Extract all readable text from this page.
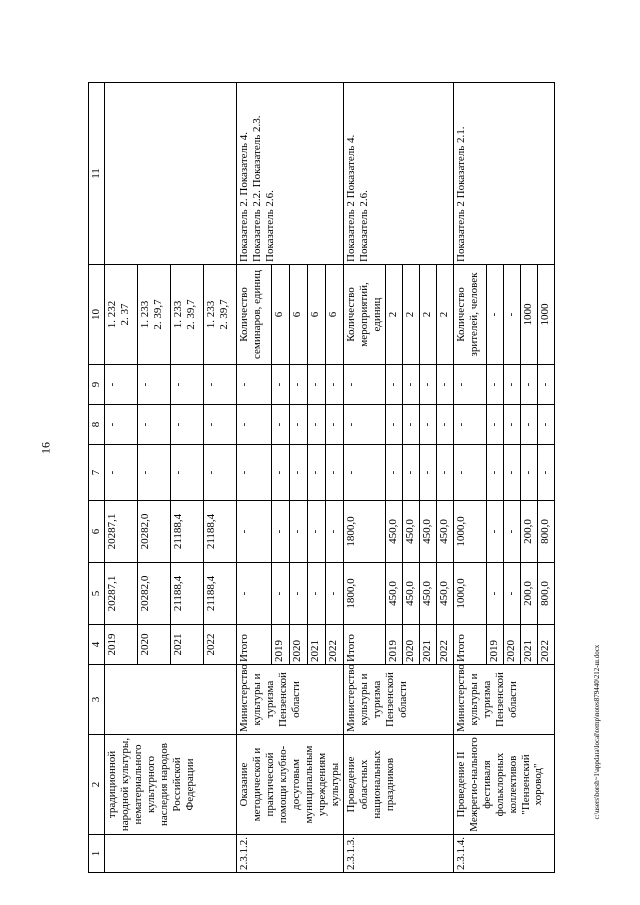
16
c:\users\borsh~1\appdata\local\temp\notes879440\212-ш.docx
1	2	3	4	5	6	7	8	9	10	11
	традиционной народной культуры, нематериального культурного наследия народов Российской Федерации		2019	20287,1	20287,1	-	-	-	1. 232
2. 37	
			2020	20282,0	20282,0	-	-	-	1. 233
2. 39,7	
			2021	21188,4	21188,4	-	-	-	1. 233
2. 39,7	
			2022	21188,4	21188,4	-	-	-	1. 233
2. 39,7	
2.3.1.2.	Оказание методической и практической помощи клубно-досуговым муниципальным учреждениям культуры	Министерство культуры и туризма Пензенской области	Итого	-	-	-	-	-	Количество семинаров, единиц	Показатель 2. Показатель 4. Показатель 2.2. Показатель 2.3. Показатель 2.6.
			2019	-	-	-	-	-	6	
			2020	-	-	-	-	-	6	
			2021	-	-	-	-	-	6	
			2022	-	-	-	-	-	6	
2.3.1.3.	Проведение областных национальных праздников	Министерство культуры и туризма Пензенской области	Итого	1800,0	1800,0	-	-	-	Количество мероприятий, единиц	Показатель 2 Показатель 4. Показатель 2.6.
			2019	450,0	450,0	-	-	-	2	
			2020	450,0	450,0	-	-	-	2	
			2021	450,0	450,0	-	-	-	2	
			2022	450,0	450,0	-	-	-	2	
2.3.1.4.	Проведение II Межрегио-нального фестиваля фольклорных коллективов "Пензенский хоровод"	Министерство культуры и туризма Пензенской области	Итого	1000,0	1000,0	-	-	-	Количество зрителей, человек	Показатель 2 Показатель 2.1.
			2019	-	-	-	-	-	-	
			2020	-	-	-	-	-	-	
			2021	200,0	200,0	-	-	-	1000	
			2022	800,0	800,0	-	-	-	1000	
